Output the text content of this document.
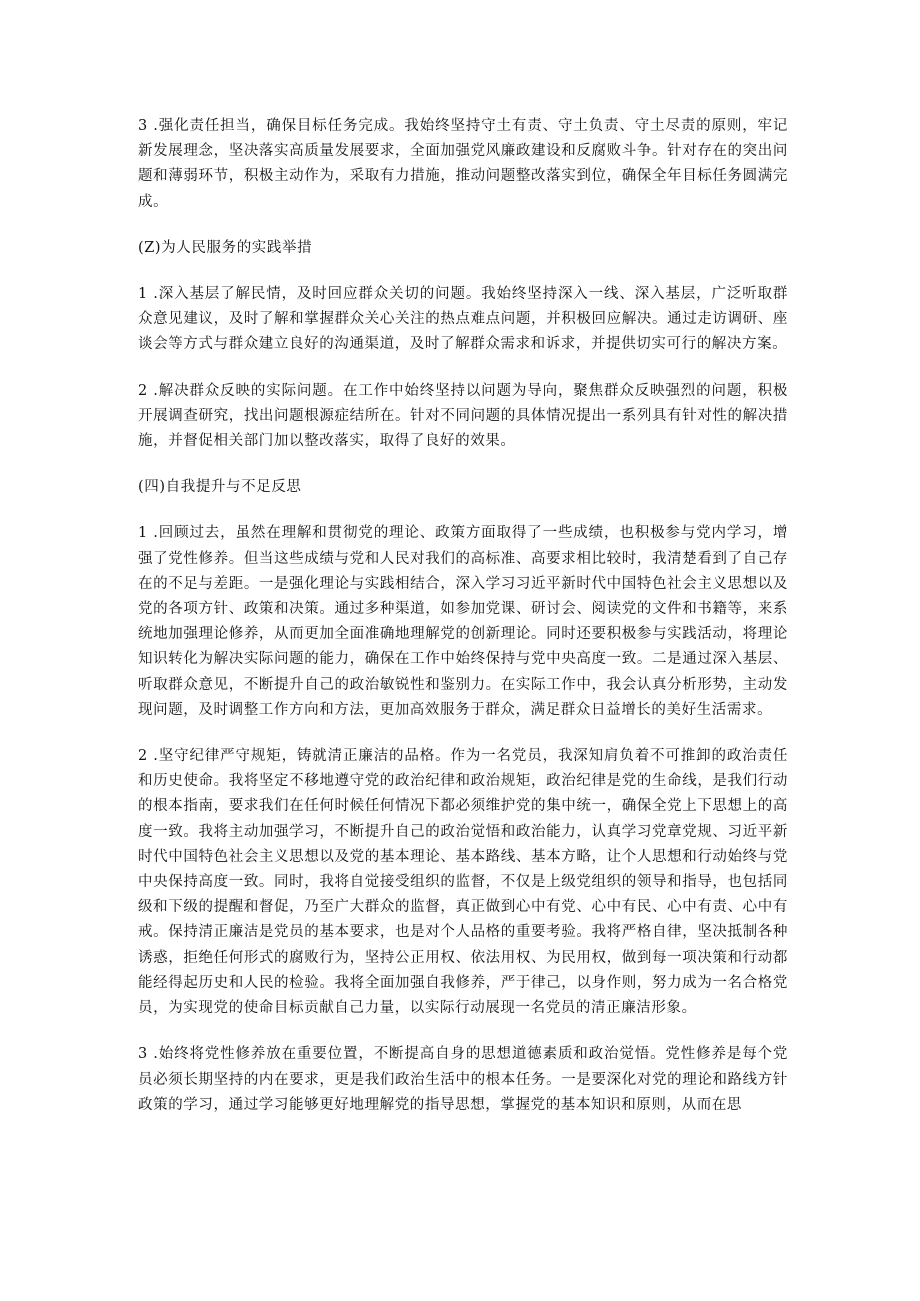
3 .强化责任担当，确保目标任务完成。我始终坚持守土有责、守土负责、守土尽责的原则，牢记新发展理念，坚决落实高质量发展要求，全面加强党风廉政建设和反腐败斗争。针对存在的突出问题和薄弱环节，积极主动作为，采取有力措施，推动问题整改落实到位，确保全年目标任务圆满完成。

(Z)为人民服务的实践举措

1 .深入基层了解民情，及时回应群众关切的问题。我始终坚持深入一线、深入基层，广泛听取群众意见建议，及时了解和掌握群众关心关注的热点难点问题，并积极回应解决。通过走访调研、座谈会等方式与群众建立良好的沟通渠道，及时了解群众需求和诉求，并提供切实可行的解决方案。

2 .解决群众反映的实际问题。在工作中始终坚持以问题为导向，聚焦群众反映强烈的问题，积极开展调查研究，找出问题根源症结所在。针对不同问题的具体情况提出一系列具有针对性的解决措施，并督促相关部门加以整改落实，取得了良好的效果。

(四)自我提升与不足反思

1 .回顾过去，虽然在理解和贯彻党的理论、政策方面取得了一些成绩，也积极参与党内学习，增强了党性修养。但当这些成绩与党和人民对我们的高标准、高要求相比较时，我清楚看到了自己存在的不足与差距。一是强化理论与实践相结合，深入学习习近平新时代中国特色社会主义思想以及党的各项方针、政策和决策。通过多种渠道，如参加党课、研讨会、阅读党的文件和书籍等，来系统地加强理论修养，从而更加全面准确地理解党的创新理论。同时还要积极参与实践活动，将理论知识转化为解决实际问题的能力，确保在工作中始终保持与党中央高度一致。二是通过深入基层、听取群众意见，不断提升自己的政治敏锐性和鉴别力。在实际工作中，我会认真分析形势，主动发现问题，及时调整工作方向和方法，更加高效服务于群众，满足群众日益增长的美好生活需求。

2 .坚守纪律严守规矩，铸就清正廉洁的品格。作为一名党员，我深知肩负着不可推卸的政治责任和历史使命。我将坚定不移地遵守党的政治纪律和政治规矩，政治纪律是党的生命线，是我们行动的根本指南，要求我们在任何时候任何情况下都必须维护党的集中统一，确保全党上下思想上的高度一致。我将主动加强学习，不断提升自己的政治觉悟和政治能力，认真学习党章党规、习近平新时代中国特色社会主义思想以及党的基本理论、基本路线、基本方略，让个人思想和行动始终与党中央保持高度一致。同时，我将自觉接受组织的监督，不仅是上级党组织的领导和指导，也包括同级和下级的提醒和督促，乃至广大群众的监督，真正做到心中有党、心中有民、心中有责、心中有戒。保持清正廉洁是党员的基本要求，也是对个人品格的重要考验。我将严格自律，坚决抵制各种诱惑，拒绝任何形式的腐败行为，坚持公正用权、依法用权、为民用权，做到每一项决策和行动都能经得起历史和人民的检验。我将全面加强自我修养，严于律己，以身作则，努力成为一名合格党员，为实现党的使命目标贡献自己力量，以实际行动展现一名党员的清正廉洁形象。

3 .始终将党性修养放在重要位置，不断提高自身的思想道德素质和政治觉悟。党性修养是每个党员必须长期坚持的内在要求，更是我们政治生活中的根本任务。一是要深化对党的理论和路线方针政策的学习，通过学习能够更好地理解党的指导思想，掌握党的基本知识和原则，从而在思
